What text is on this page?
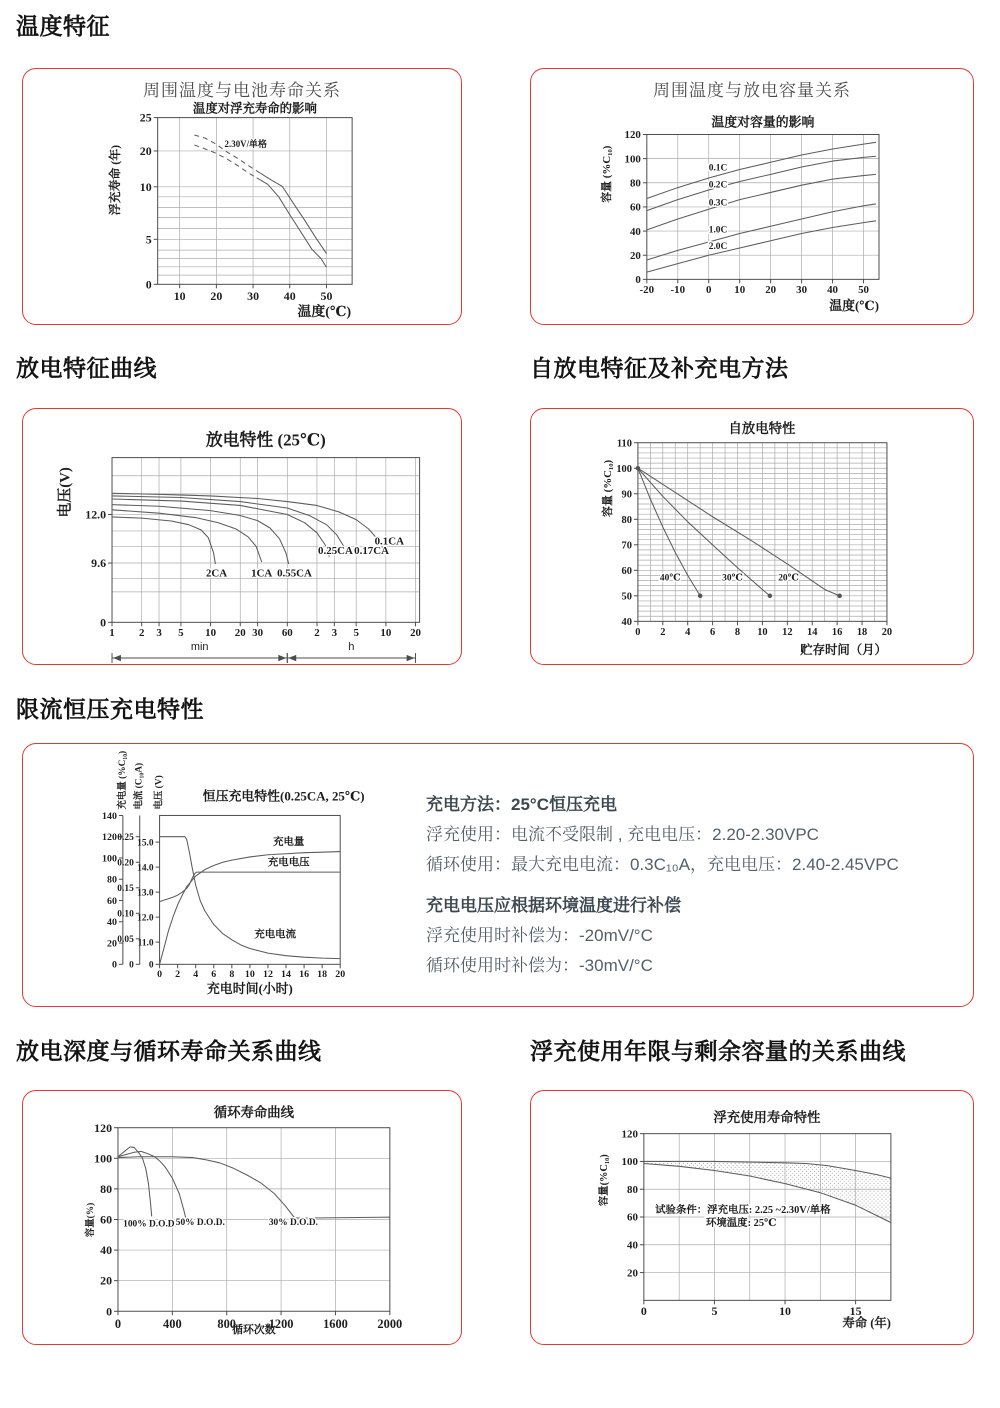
温度特征
周围温度与电池寿命关系
0
5
10
20
25
浮充寿命 (年)
10 20 30 40 50
温度(℃)
温度对浮充寿命的影响
2.30V/单格
周围温度与放电容量关系
0
20
40
60
80
100
120
容量 (%C₁₀)
-20 -10 0 10 20 30 40 50
温度(℃)
温度对容量的影响
0.1C
0.2C
0.3C
1.0C
2.0C
放电特征曲线	自放电特征及补充电方法
12.0
9.6
0
电压(V)
1 2 3 5 10 20 30 60 2 3 5 10 20
放电特性 (25℃)
2CA 1CA 0.55CA
0.25CA 0.17CA
0.1CA
min	h
40
50
60
70
80
90
100
110
容量 (%C₁₀)
0 2 4 6 8 10 12 14 16 18 20
贮存时间（月）
自放电特性
40℃	30℃	20℃
限流恒压充电特性
0
20
40
60
80
100
120
140
充电量 (%C₁₀)
0
0.05
0.10
0.15
0.20
0.25
电流 (C₁₀A)
0
11.0
12.0
13.0
14.0
15.0
电压 (V)
0 2 4 6 8 10 12 14 16 18 20
充电时间(小时)
恒压充电特性(0.25CA, 25℃)
充电量
充电电压
充电电流

充电方法：25°C恒压充电

浮充使用：电流不受限制 , 充电电压：2.20-2.30VPC

循环使用：最大充电电流：0.3C₁₀A，充电电压：2.40-2.45VPC

充电电压应根据环境温度进行补偿

浮充使用时补偿为：-20mV/°C

循环使用时补偿为：-30mV/°C

放电深度与循环寿命关系曲线	浮充使用年限与剩余容量的关系曲线
0
20
40
60
80
100
120
容量(%)
0	400	800	1200 1600 2000
循环次数
循环寿命曲线
100% D.O.D.
50% D.O.D.	30% D.O.D.
20
40
60
80
100
120
容量(%C₁₀)
0	5	10	15
寿命 (年)
浮充使用寿命特性
试验条件：浮充电压: 2.25 ~2.30V/单格
环境温度: 25℃
